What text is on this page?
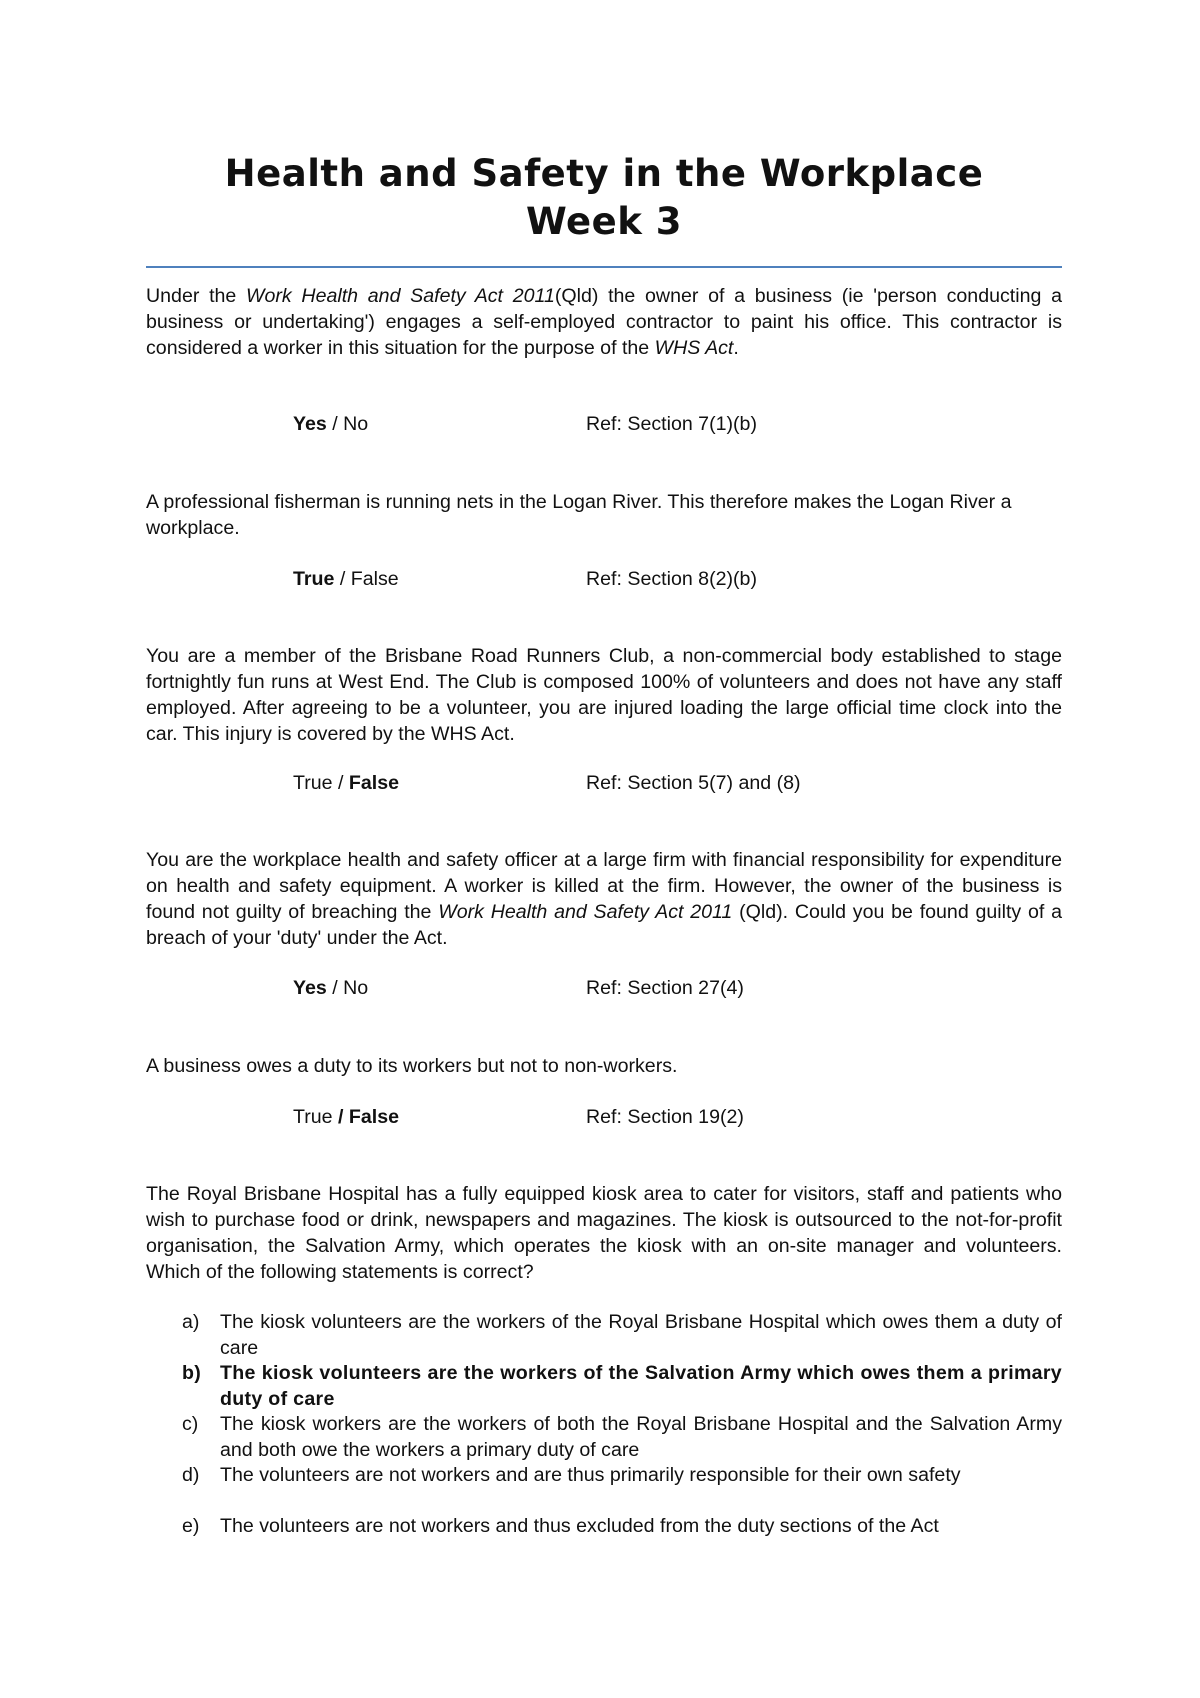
Health and Safety in the Workplace
Week 3
Under the Work Health and Safety Act 2011(Qld) the owner of a business (ie 'person conducting a business or undertaking') engages a self-employed contractor to paint his office. This contractor is considered a worker in this situation for the purpose of the WHS Act.
Yes / No	Ref: Section 7(1)(b)
A professional fisherman is running nets in the Logan River. This therefore makes the Logan River a workplace.
True / False	Ref: Section 8(2)(b)
You are a member of the Brisbane Road Runners Club, a non-commercial body established to stage fortnightly fun runs at West End. The Club is composed 100% of volunteers and does not have any staff employed. After agreeing to be a volunteer, you are injured loading the large official time clock into the car. This injury is covered by the WHS Act.
True / False	Ref: Section 5(7) and (8)
You are the workplace health and safety officer at a large firm with financial responsibility for expenditure on health and safety equipment. A worker is killed at the firm. However, the owner of the business is found not guilty of breaching the Work Health and Safety Act 2011 (Qld). Could you be found guilty of a breach of your 'duty' under the Act.
Yes / No	Ref: Section 27(4)
A business owes a duty to its workers but not to non-workers.
True / False	Ref: Section 19(2)
The Royal Brisbane Hospital has a fully equipped kiosk area to cater for visitors, staff and patients who wish to purchase food or drink, newspapers and magazines. The kiosk is outsourced to the not-for-profit organisation, the Salvation Army, which operates the kiosk with an on-site manager and volunteers. Which of the following statements is correct?
a) The kiosk volunteers are the workers of the Royal Brisbane Hospital which owes them a duty of care
b) The kiosk volunteers are the workers of the Salvation Army which owes them a primary duty of care
c) The kiosk workers are the workers of both the Royal Brisbane Hospital and the Salvation Army and both owe the workers a primary duty of care
d) The volunteers are not workers and are thus primarily responsible for their own safety
e) The volunteers are not workers and thus excluded from the duty sections of the Act
